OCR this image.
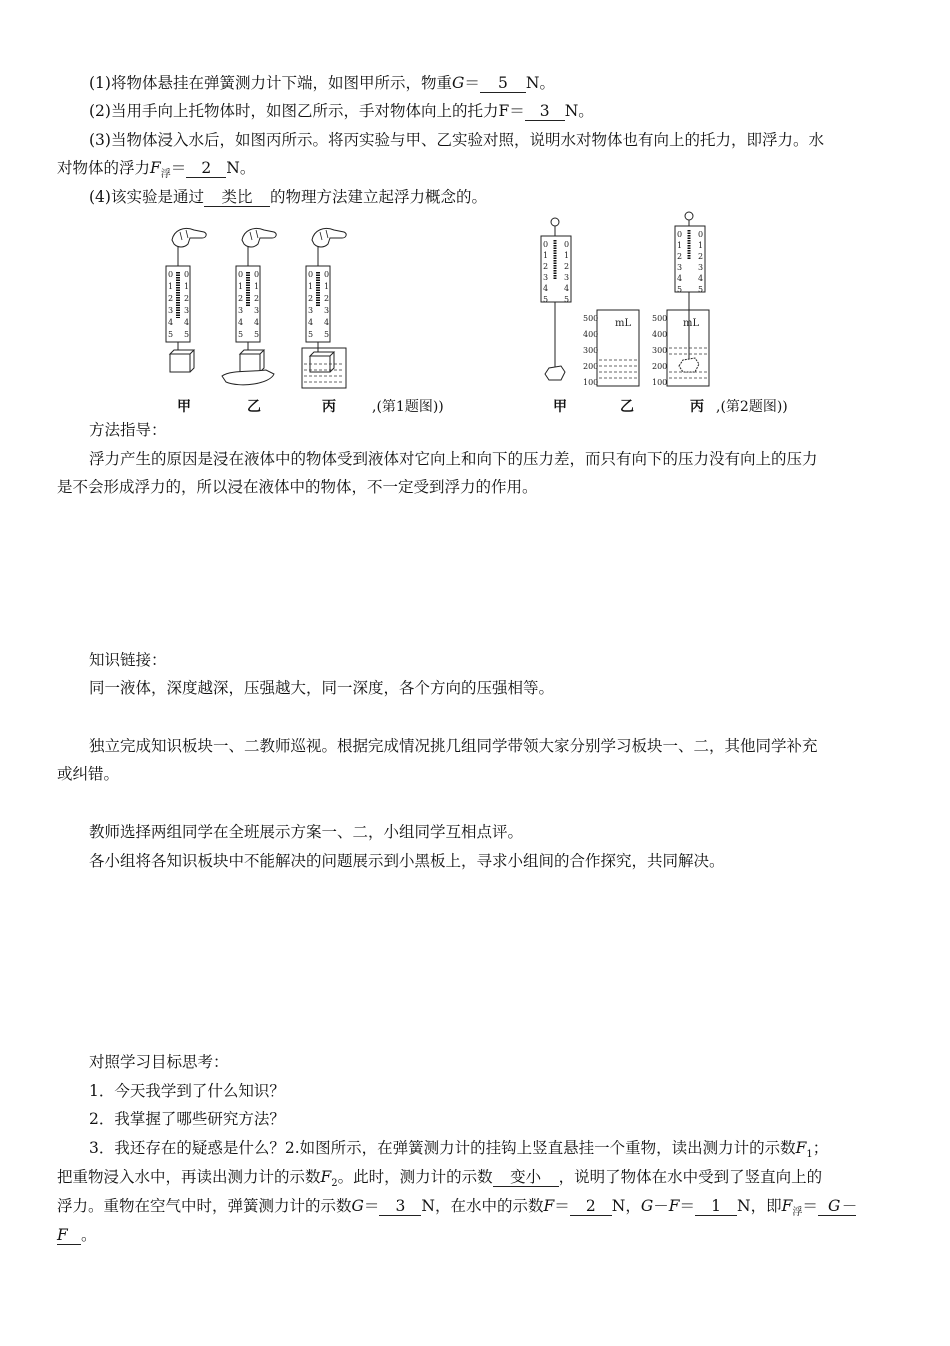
(1)将物体悬挂在弹簧测力计下端，如图甲所示，物重G＝ 5 N。
(2)当用手向上托物体时，如图乙所示，手对物体向上的托力F＝ 3 N。
(3)当物体浸入水后，如图丙所示。将丙实验与甲、乙实验对照，说明水对物体也有向上的托力，即浮力。水
对物体的浮力$F_浮= 2$ N。
(4)该实验是通过 类比 的物理方法建立起浮力概念的。
甲	乙	丙	,(第1题图))
0
1
2
3
4
5
0
1
2
3
4
5
500
400
300
200
100
mL
0
1
2
3
4
5
0
1
2
3
4
5
500
400
300
200
100
mL
甲	乙	丙 ,(第2题图))
方法指导：
浮力产生的原因是浸在液体中的物体受到液体对它向上和向下的压力差，而只有向下的压力没有向上的压力
是不会形成浮力的，所以浸在液体中的物体，不一定受到浮力的作用。
知识链接：
同一液体，深度越深，压强越大，同一深度，各个方向的压强相等。
独立完成知识板块一、二教师巡视。根据完成情况挑几组同学带领大家分别学习板块一、二，其他同学补充
或纠错。
教师选择两组同学在全班展示方案一、二，小组同学互相点评。
各小组将各知识板块中不能解决的问题展示到小黑板上，寻求小组间的合作探究，共同解决。
对照学习目标思考：
1．今天我学到了什么知识？
2．我掌握了哪些研究方法？
3．我还存在的疑惑是什么？2.如图所示，在弹簧测力计的挂钩上竖直悬挂一个重物，读出测力计的示数$F_1$；
把重物浸入水中，再读出测力计的示数$F_2$。此时，测力计的示数 变小 ，说明了物体在水中受到了竖直向上的
浮力。重物在空气中时，弹簧测力计的示数G＝ 3 N，在水中的示数F＝ 2 N，G－F＝ 1 N，即$F_浮= G-$
F 。
